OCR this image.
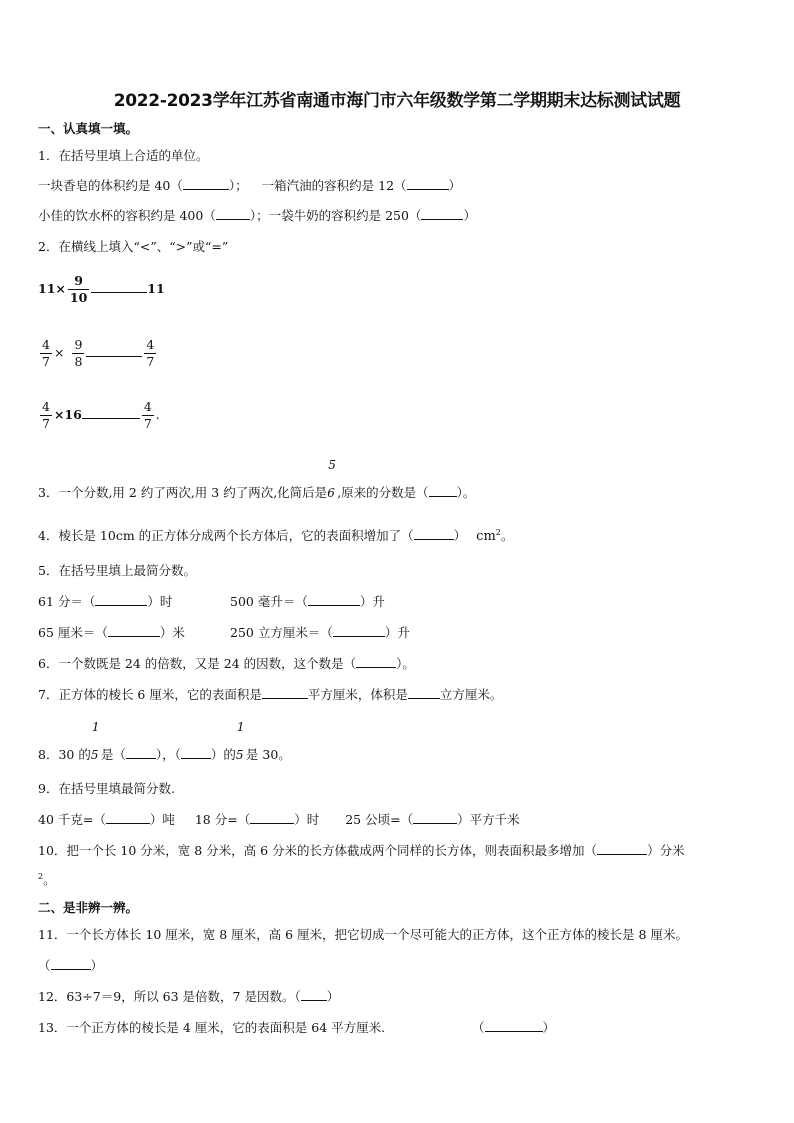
2022-2023学年江苏省南通市海门市六年级数学第二学期期末达标测试试题
一、认真填一填。
1．在括号里填上合适的单位。
一块香皂的体积约是 40（	）； 一箱汽油的容积约是 12（	）
小佳的饮水杯的容积约是 400（	）；一袋牛奶的容积约是 250（	）
2．在横线上填入“<”、“>”或“=”
$11\times \frac{9}{10}$	11
$\frac{4}{7} \times \frac{9}{8}$	$\frac{4}{7}$
$\frac{4}{7} \times 16$	$\frac{4}{7}$ .
3．一个分数,用 2 约了两次,用 3 约了两次,化简后是
5
6 ,原来的分数是（ ）。
4．棱长是 10cm 的正方体分成两个长方体后，它的表面积增加了（	） $cm^2$。
5．在括号里填上最简分数。
61 分＝（	）时	500 毫升＝（	）升
65 厘米＝（	）米	250 立方厘米＝（	）升
6．一个数既是 24 的倍数，又是 24 的因数，这个数是（	）。
7．正方体的棱长 6 厘米，它的表面积是	平方厘米，体积是	立方厘米。
8．30 的
1
5 是（ ），（ ）的
1
5 是 30。
9．在括号里填最简分数.
40 千克=（	）吨 18 分=（	）时 25 公顷=（	）平方千米
10．把一个长 10 分米，宽 8 分米，高 6 分米的长方体截成两个同样的长方体，则表面积最多增加（	）分米
$^2$。
二、是非辨一辨。
11．一个长方体长 10 厘米，宽 8 厘米，高 6 厘米，把它切成一个尽可能大的正方体，这个正方体的棱长是 8 厘米。
（	）
12．63÷7＝9，所以 63 是倍数，7 是因数。（ ）
13．一个正方体的棱长是 4 厘米，它的表面积是 64 平方厘米.	（	）
